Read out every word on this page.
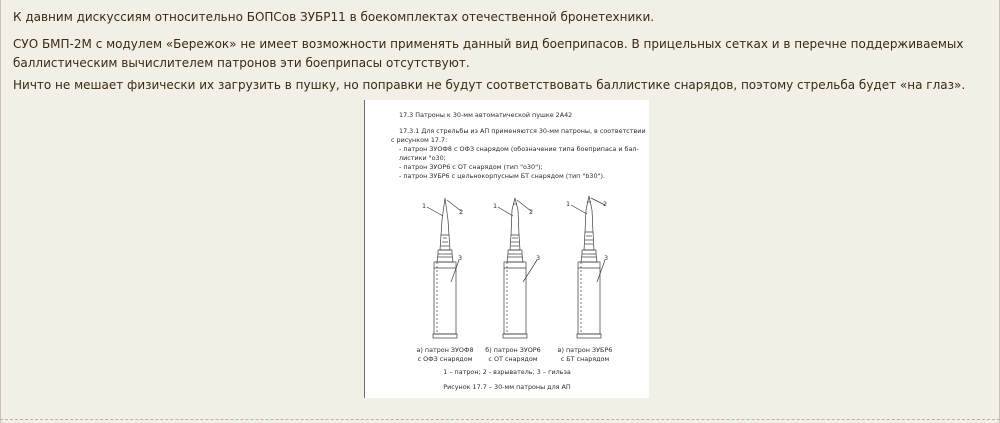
К давним дискуссиям относительно БОПСов ЗУБР11 в боекомплектах отечественной бронетехники.

СУО БМП-2М с модулем «Бережок» не имеет возможности применять данный вид боеприпасов. В прицельных сетках и в перечне поддерживаемых баллистическим вычислителем патронов эти боеприпасы отсутствуют.

Ничто не мешает физически их загрузить в пушку, но поправки не будут соответствовать баллистике снарядов, поэтому стрельба будет «на глаз».

17.3 Патроны к 30-мм автоматической пушке 2А42
17.3.1 Для стрельбы из АП применяются 30-мм патроны, в соответствии
с рисунком 17.7:
- патрон ЗУОФ8 с ОФЗ снарядом (обозначение типа боеприпаса и бал-
листики "о30;
- патрон ЗУОР6 с ОТ снарядом (тип "о30");
- патрон ЗУБР6 с цельнокорпусным БТ снарядом (тип "b30").
1
2
3
1
2
3
1	2
3
а) патрон ЗУОФ8
с ОФЗ снарядом
б) патрон ЗУОР6
с ОТ снарядом
в) патрон ЗУБР6
с БТ снарядом
1 – патрон; 2 - взрыватель; 3 – гильза
Рисунок 17.7 – 30-мм патроны для АП
